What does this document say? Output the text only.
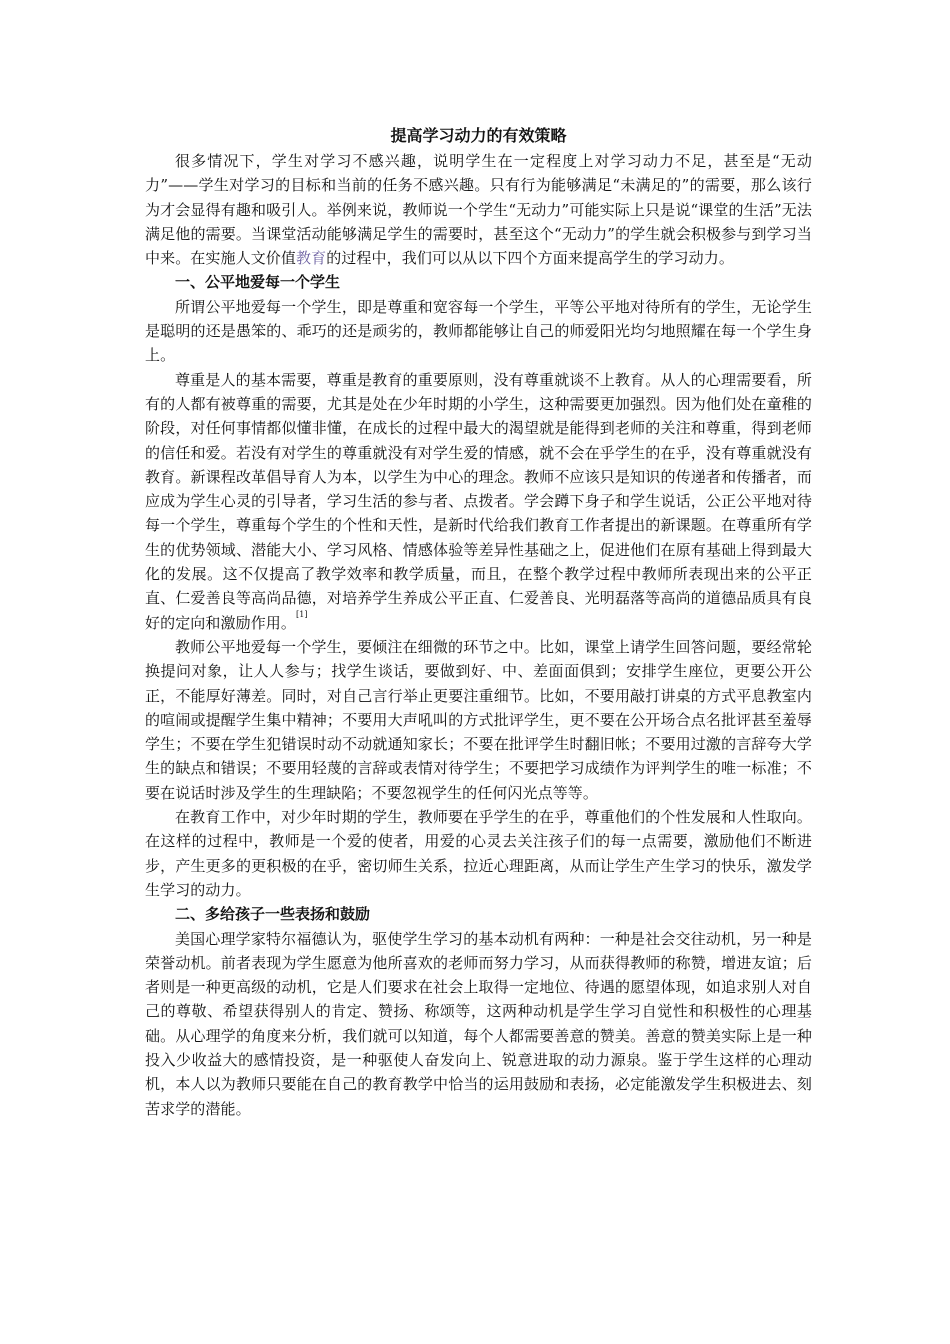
提高学习动力的有效策略

很多情况下，学生对学习不感兴趣，说明学生在一定程度上对学习动力不足，甚至是“无动力”——学生对学习的目标和当前的任务不感兴趣。只有行为能够满足“未满足的”的需要，那么该行为才会显得有趣和吸引人。举例来说，教师说一个学生“无动力”可能实际上只是说“课堂的生活”无法满足他的需要。当课堂活动能够满足学生的需要时，甚至这个“无动力”的学生就会积极参与到学习当中来。在实施人文价值教育的过程中，我们可以从以下四个方面来提高学生的学习动力。

一、公平地爱每一个学生

所谓公平地爱每一个学生，即是尊重和宽容每一个学生，平等公平地对待所有的学生，无论学生是聪明的还是愚笨的、乖巧的还是顽劣的，教师都能够让自己的师爱阳光均匀地照耀在每一个学生身上。

尊重是人的基本需要，尊重是教育的重要原则，没有尊重就谈不上教育。从人的心理需要看，所有的人都有被尊重的需要，尤其是处在少年时期的小学生，这种需要更加强烈。因为他们处在童稚的阶段，对任何事情都似懂非懂，在成长的过程中最大的渴望就是能得到老师的关注和尊重，得到老师的信任和爱。若没有对学生的尊重就没有对学生爱的情感，就不会在乎学生的在乎，没有尊重就没有教育。新课程改革倡导育人为本，以学生为中心的理念。教师不应该只是知识的传递者和传播者，而应成为学生心灵的引导者，学习生活的参与者、点拨者。学会蹲下身子和学生说话，公正公平地对待每一个学生，尊重每个学生的个性和天性，是新时代给我们教育工作者提出的新课题。在尊重所有学生的优势领域、潜能大小、学习风格、情感体验等差异性基础之上，促进他们在原有基础上得到最大化的发展。这不仅提高了教学效率和教学质量，而且，在整个教学过程中教师所表现出来的公平正直、仁爱善良等高尚品德，对培养学生养成公平正直、仁爱善良、光明磊落等高尚的道德品质具有良好的定向和激励作用。[1]

教师公平地爱每一个学生，要倾注在细微的环节之中。比如，课堂上请学生回答问题，要经常轮换提问对象，让人人参与；找学生谈话，要做到好、中、差面面俱到；安排学生座位，更要公开公正，不能厚好薄差。同时，对自己言行举止更要注重细节。比如，不要用敲打讲桌的方式平息教室内的喧闹或提醒学生集中精神；不要用大声吼叫的方式批评学生，更不要在公开场合点名批评甚至羞辱学生；不要在学生犯错误时动不动就通知家长；不要在批评学生时翻旧帐；不要用过激的言辞夸大学生的缺点和错误；不要用轻蔑的言辞或表情对待学生；不要把学习成绩作为评判学生的唯一标准；不要在说话时涉及学生的生理缺陷；不要忽视学生的任何闪光点等等。

在教育工作中，对少年时期的学生，教师要在乎学生的在乎，尊重他们的个性发展和人性取向。在这样的过程中，教师是一个爱的使者，用爱的心灵去关注孩子们的每一点需要，激励他们不断进步，产生更多的更积极的在乎，密切师生关系，拉近心理距离，从而让学生产生学习的快乐，激发学生学习的动力。

二、多给孩子一些表扬和鼓励

美国心理学家特尔福德认为，驱使学生学习的基本动机有两种：一种是社会交往动机，另一种是荣誉动机。前者表现为学生愿意为他所喜欢的老师而努力学习，从而获得教师的称赞，增进友谊；后者则是一种更高级的动机，它是人们要求在社会上取得一定地位、待遇的愿望体现，如追求别人对自己的尊敬、希望获得别人的肯定、赞扬、称颂等，这两种动机是学生学习自觉性和积极性的心理基础。从心理学的角度来分析，我们就可以知道，每个人都需要善意的赞美。善意的赞美实际上是一种投入少收益大的感情投资，是一种驱使人奋发向上、锐意进取的动力源泉。鉴于学生这样的心理动机，本人以为教师只要能在自己的教育教学中恰当的运用鼓励和表扬，必定能激发学生积极进去、刻苦求学的潜能。
